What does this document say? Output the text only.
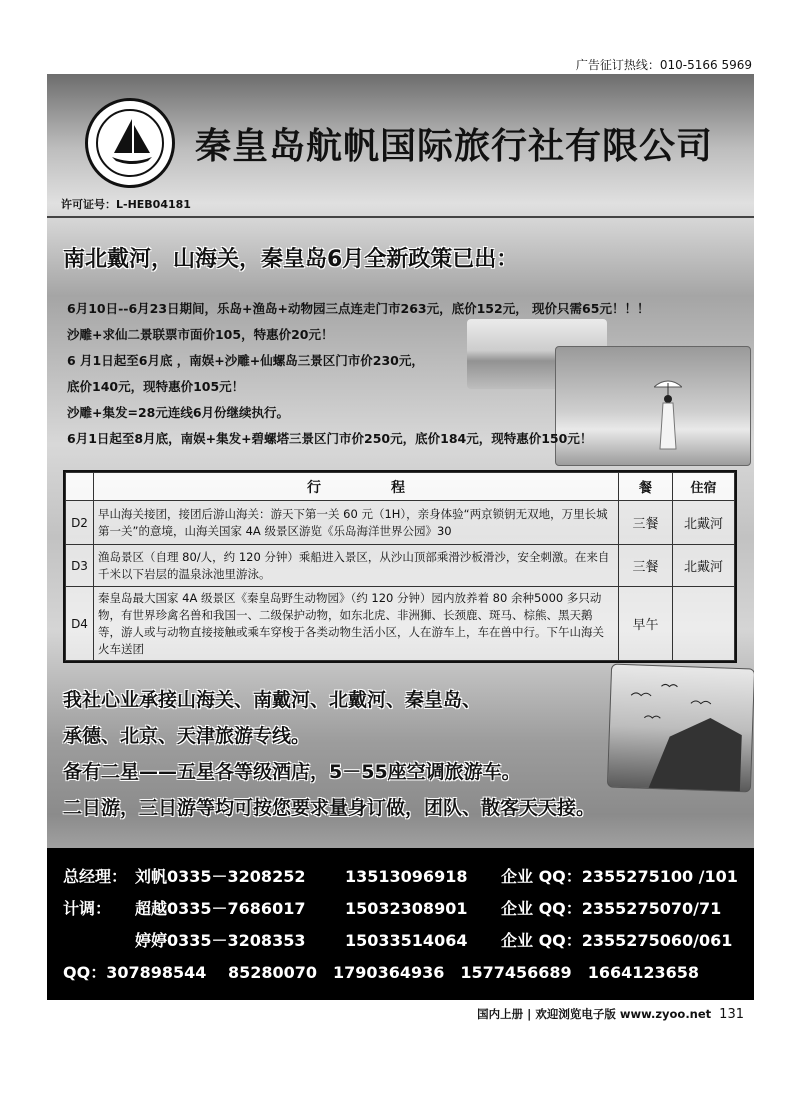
广告征订热线：010-5166 5969
秦皇岛航帆国际旅行社有限公司
许可证号：L-HEB04181
南北戴河，山海关，秦皇岛6月全新政策已出：
6月10日--6月23日期间，乐岛+渔岛+动物园三点连走门市263元，底价152元， 现价只需65元！！！
沙雕+求仙二景联票市面价105，特惠价20元！
6 月1日起至6月底 ，南娱+沙雕+仙螺岛三景区门市价230元，
底价140元，现特惠价105元！
沙雕+集发=28元连线6月份继续执行。
6月1日起至8月底，南娱+集发+碧螺塔三景区门市价250元，底价184元，现特惠价150元！
	行　　　　　程	餐	住宿
D2	早山海关接团，接团后游山海关：游天下第一关 60 元（1H），亲身体验“两京锁钥无双地，万里长城第一关”的意境，山海关国家 4A 级景区游览《乐岛海洋世界公园》30	三餐	北戴河
D3	渔岛景区（自理 80/人，约 120 分钟）乘船进入景区，从沙山顶部乘滑沙板滑沙，安全刺激。在来自千米以下岩层的温泉泳池里游泳。	三餐	北戴河
D4	秦皇岛最大国家 4A 级景区《秦皇岛野生动物园》（约 120 分钟）园内放养着 80 余种5000 多只动物，有世界珍禽名兽和我国一、二级保护动物，如东北虎、非洲狮、长颈鹿、斑马、棕熊、黑天鹅等，游人或与动物直接接触或乘车穿梭于各类动物生活小区，人在游车上，车在兽中行。下午山海关火车送团	早午	
我社心业承接山海关、南戴河、北戴河、秦皇岛、
承德、北京、天津旅游专线。
备有二星——五星各等级酒店，5－55座空调旅游车。
二日游，三日游等均可按您要求量身订做，团队、散客天天接。
总经理： 刘帆0335－3208252 13513096918 企业 QQ：2355275100 /101
计调： 超越0335－7686017 15032308901 企业 QQ：2355275070/71
婷婷0335－3208353 15033514064 企业 QQ：2355275060/061
QQ：307898544　 85280070　1790364936　1577456689　1664123658
国内上册 | 欢迎浏览电子版 www.zyoo.net 131
